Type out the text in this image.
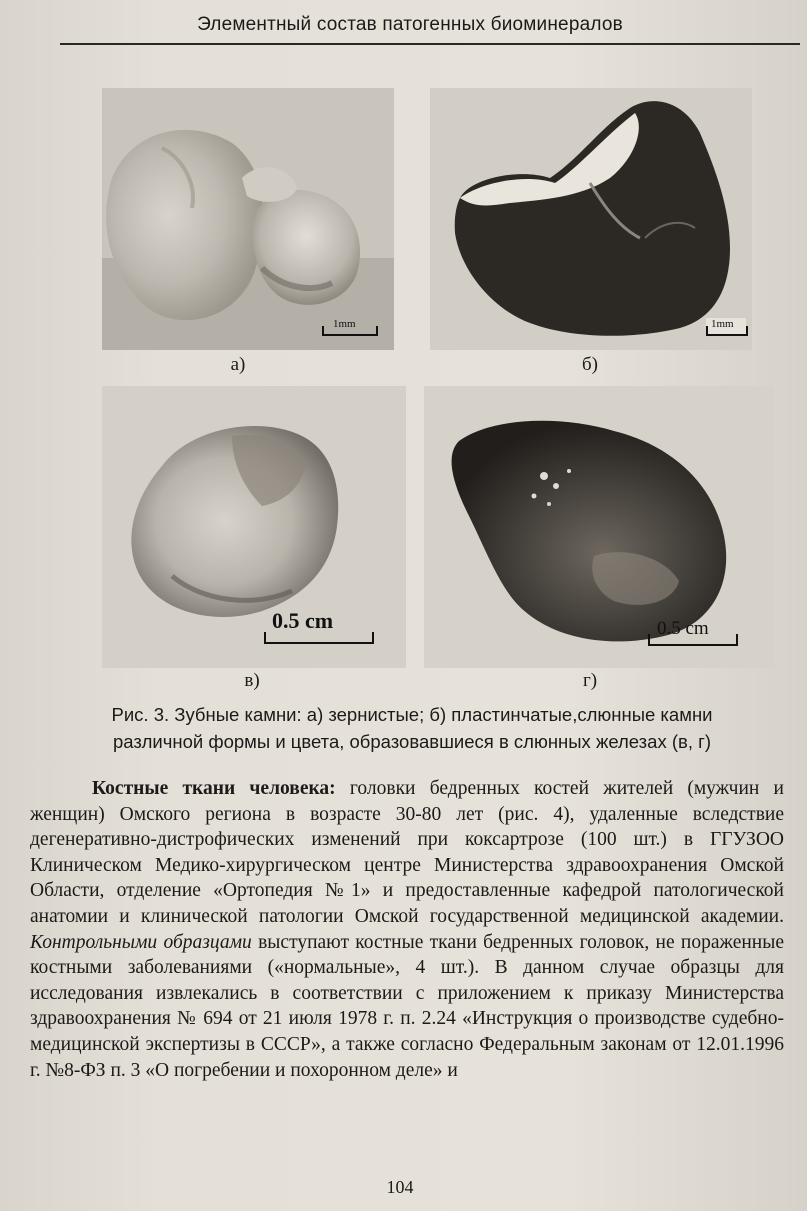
Элементный состав патогенных биоминералов
1mm
а)
1mm
б)
0.5 cm
в)
0.5 cm
г)
Рис. 3. Зубные камни: а) зернистые; б) пластинчатые,слюнные камни
различной формы и цвета, образовавшиеся в слюнных железах (в, г)

Костные ткани человека: головки бедренных костей жителей (мужчин и женщин) Омского региона в возрасте 30-80 лет (рис. 4), удаленные вследствие дегенеративно-дистрофических изменений при коксартрозе (100 шт.) в ГГУЗОО Клиническом Медико-хирургическом центре Министерства здравоохранения Омской Области, отделение «Ортопедия №1» и предоставленные кафедрой патологической анатомии и клинической патологии Омской государственной медицинской академии. Контрольными образцами выступают костные ткани бедренных головок, не пораженные костными заболеваниями («нормальные», 4 шт.). В данном случае образцы для исследования извлекались в соответствии с приложением к приказу Министерства здравоохранения № 694 от 21 июля 1978 г. п. 2.24 «Инструкция о производстве судебно-медицинской экспертизы в СССР», а также согласно Федеральным законам от 12.01.1996 г. №8-ФЗ п. 3 «О погребении и похоронном деле» и

104
